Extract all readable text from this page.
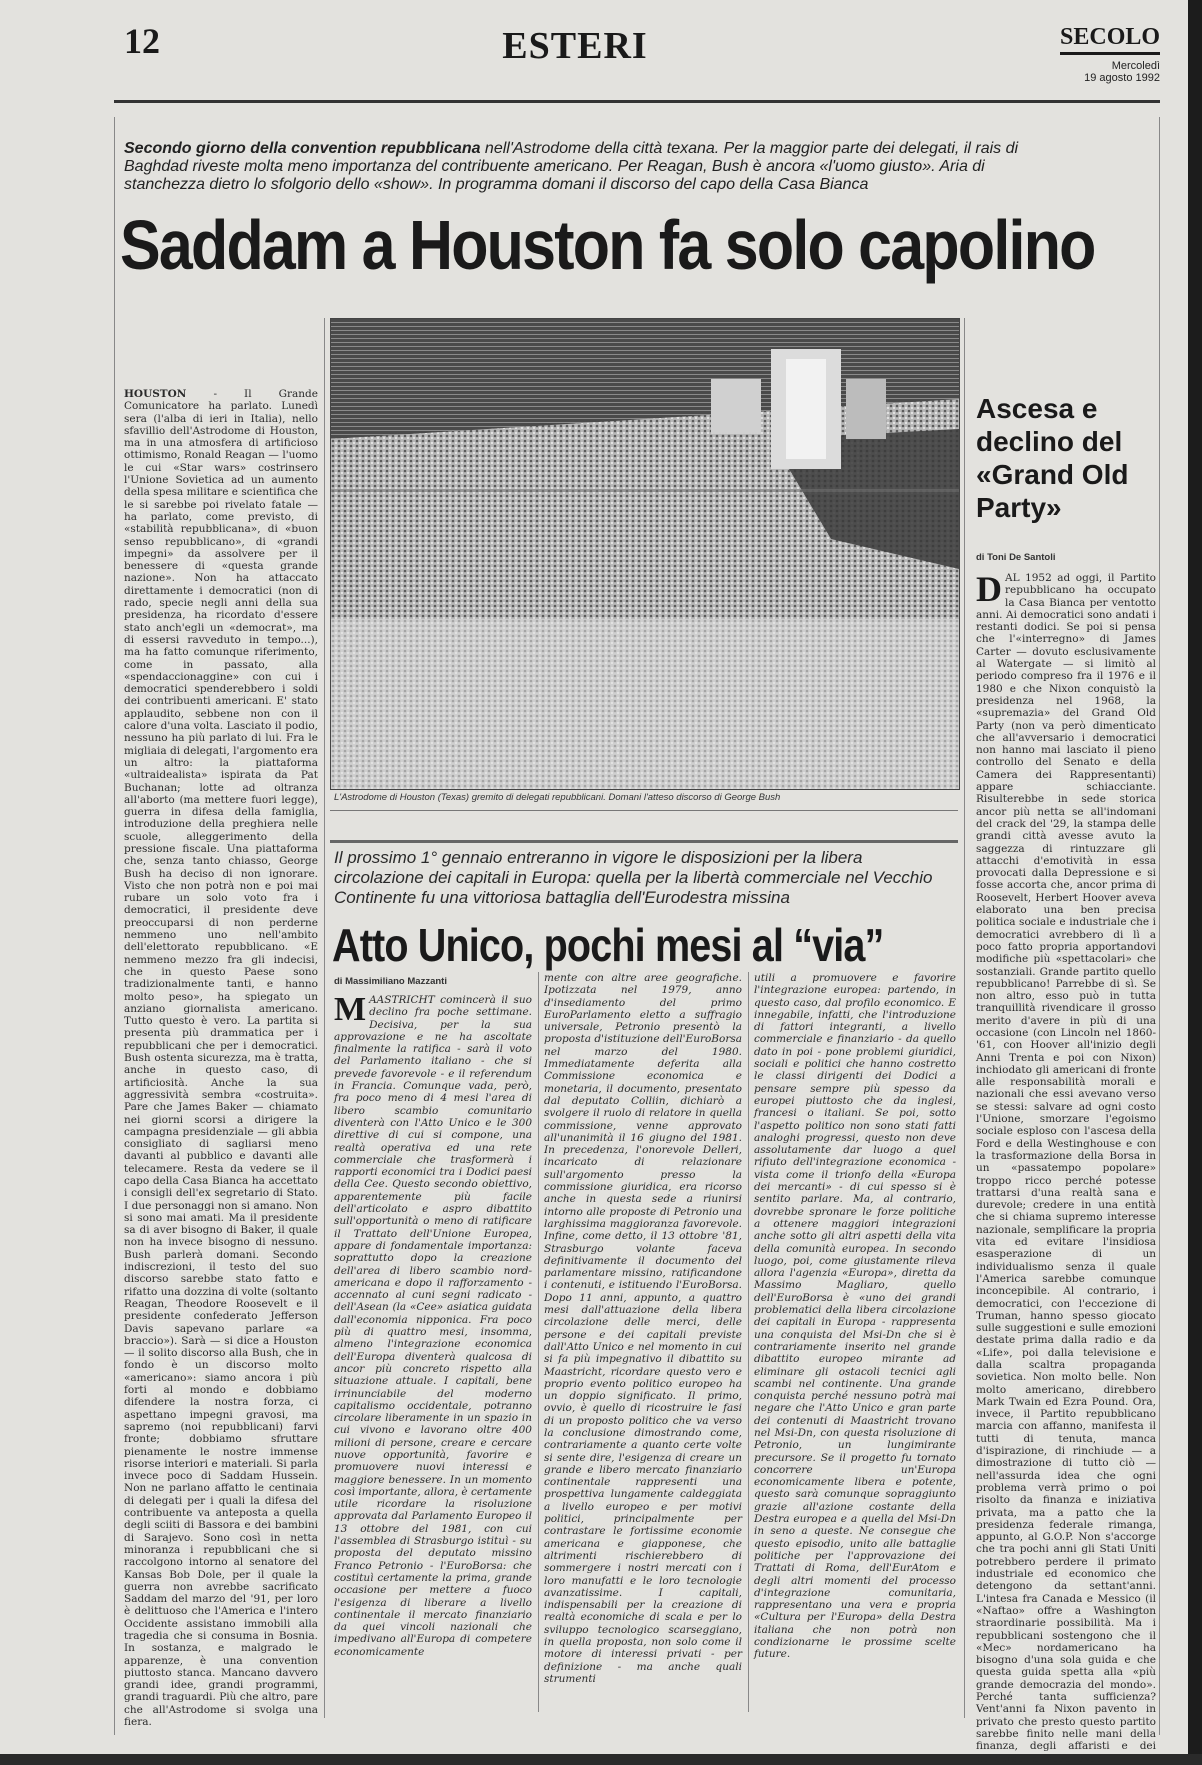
12	ESTERI	SECOLO
Mercoledì
19 agosto 1992
Secondo giorno della convention repubblicana nell'Astrodome della città texana. Per la maggior parte dei delegati, il rais di Baghdad riveste molta meno importanza del contribuente americano. Per Reagan, Bush è ancora «l'uomo giusto». Aria di stanchezza dietro lo sfolgorio dello «show». In programma domani il discorso del capo della Casa Bianca
Saddam a Houston fa solo capolino

HOUSTON - Il Grande Comunicatore ha parlato. Lunedì sera (l'alba di ieri in Italia), nello sfavillio dell'Astrodome di Houston, ma in una atmosfera di artificioso ottimismo, Ronald Reagan — l'uomo le cui «Star wars» costrinsero l'Unione Sovietica ad un aumento della spesa militare e scientifica che le si sarebbe poi rivelato fatale — ha parlato, come previsto, di «stabilità repubblicana», di «buon senso repubblicano», di «grandi impegni» da assolvere per il benessere di «questa grande nazione». Non ha attaccato direttamente i democratici (non di rado, specie negli anni della sua presidenza, ha ricordato d'essere stato anch'egli un «democrat», ma di essersi ravveduto in tempo...), ma ha fatto comunque riferimento, come in passato, alla «spendaccionaggine» con cui i democratici spenderebbero i soldi dei contribuenti americani. E' stato applaudito, sebbene non con il calore d'una volta. Lasciato il podio, nessuno ha più parlato di lui. Fra le migliaia di delegati, l'argomento era un altro: la piattaforma «ultraidealista» ispirata da Pat Buchanan; lotte ad oltranza all'aborto (ma mettere fuori legge), guerra in difesa della famiglia, introduzione della preghiera nelle scuole, alleggerimento della pressione fiscale. Una piattaforma che, senza tanto chiasso, George Bush ha deciso di non ignorare. Visto che non potrà non e poi mai rubare un solo voto fra i democratici, il presidente deve preoccuparsi di non perderne nemmeno uno nell'ambito dell'elettorato repubblicano. «E nemmeno mezzo fra gli indecisi, che in questo Paese sono tradizionalmente tanti, e hanno molto peso», ha spiegato un anziano giornalista americano. Tutto questo è vero. La partita si presenta più drammatica per i repubblicani che per i democratici. Bush ostenta sicurezza, ma è tratta, anche in questo caso, di artificiosità. Anche la sua aggressività sembra «costruita». Pare che James Baker — chiamato nei giorni scorsi a dirigere la campagna presidenziale — gli abbia consigliato di sagliarsi meno davanti al pubblico e davanti alle telecamere. Resta da vedere se il capo della Casa Bianca ha accettato i consigli dell'ex segretario di Stato. I due personaggi non si amano. Non si sono mai amati. Ma il presidente sa di aver bisogno di Baker, il quale non ha invece bisogno di nessuno. Bush parlerà domani. Secondo indiscrezioni, il testo del suo discorso sarebbe stato fatto e rifatto una dozzina di volte (soltanto Reagan, Theodore Roosevelt e il presidente confederato Jefferson Davis sapevano parlare «a braccio»). Sarà — si dice a Houston — il solito discorso alla Bush, che in fondo è un discorso molto «americano»: siamo ancora i più forti al mondo e dobbiamo difendere la nostra forza, ci aspettano impegni gravosi, ma sapremo (noi repubblicani) farvi fronte; dobbiamo sfruttare pienamente le nostre immense risorse interiori e materiali. Si parla invece poco di Saddam Hussein. Non ne parlano affatto le centinaia di delegati per i quali la difesa del contribuente va anteposta a quella degli sciiti di Bassora e dei bambini di Sarajevo. Sono così in netta minoranza i repubblicani che si raccolgono intorno al senatore del Kansas Bob Dole, per il quale la guerra non avrebbe sacrificato Saddam del marzo del '91, per loro è delittuoso che l'America e l'intero Occidente assistano immobili alla tragedia che si consuma in Bosnia. In sostanza, e malgrado le apparenze, è una convention piuttosto stanca. Mancano davvero grandi idee, grandi programmi, grandi traguardi. Più che altro, pare che all'Astrodome si svolga una fiera.

L'Astrodome di Houston (Texas) gremito di delegati repubblicani. Domani l'atteso discorso di George Bush
Ascesa e declino del «Grand Old Party»
di Toni De Santoli

DAL 1952 ad oggi, il Partito repubblicano ha occupato la Casa Bianca per ventotto anni. Ai democratici sono andati i restanti dodici. Se poi si pensa che l'«interregno» di James Carter — dovuto esclusivamente al Watergate — si limitò al periodo compreso fra il 1976 e il 1980 e che Nixon conquistò la presidenza nel 1968, la «supremazia» del Grand Old Party (non va però dimenticato che all'avversario i democratici non hanno mai lasciato il pieno controllo del Senato e della Camera dei Rappresentanti) appare schiacciante. Risulterebbe in sede storica ancor più netta se all'indomani del crack del '29, la stampa delle grandi città avesse avuto la saggezza di rintuzzare gli attacchi d'emotività in essa provocati dalla Depressione e si fosse accorta che, ancor prima di Roosevelt, Herbert Hoover aveva elaborato una ben precisa politica sociale e industriale che i democratici avrebbero di lì a poco fatto propria apportandovi modifiche più «spettacolari» che sostanziali. Grande partito quello repubblicano! Parrebbe di sì. Se non altro, esso può in tutta tranquillità rivendicare il grosso merito d'avere in più di una occasione (con Lincoln nel 1860-'61, con Hoover all'inizio degli Anni Trenta e poi con Nixon) inchiodato gli americani di fronte alle responsabilità morali e nazionali che essi avevano verso se stessi: salvare ad ogni costo l'Unione, smorzare l'egoismo sociale esploso con l'ascesa della Ford e della Westinghouse e con la trasformazione della Borsa in un «passatempo popolare» troppo ricco perché potesse trattarsi d'una realtà sana e durevole; credere in una entità che si chiama supremo interesse nazionale, semplificare la propria vita ed evitare l'insidiosa esasperazione di un individualismo senza il quale l'America sarebbe comunque inconcepibile. Al contrario, i democratici, con l'eccezione di Truman, hanno spesso giocato sulle suggestioni e sulle emozioni destate prima dalla radio e da «Life», poi dalla televisione e dalla scaltra propaganda sovietica. Non molto belle. Non molto americano, direbbero Mark Twain ed Ezra Pound. Ora, invece, il Partito repubblicano marcia con affanno, manifesta il tutti di tenuta, manca d'ispirazione, di rinchiude — a dimostrazione di tutto ciò — nell'assurda idea che ogni problema verrà primo o poi risolto da finanza e iniziativa privata, ma a patto che la presidenza federale rimanga, appunto, al G.O.P. Non s'accorge che tra pochi anni gli Stati Uniti potrebbero perdere il primato industriale ed economico che detengono da settant'anni. L'intesa fra Canada e Messico (il «Naftao» offre a Washington straordinarie possibilità. Ma i repubblicani sostengono che il «Mec» nordamericano ha bisogno d'una sola guida e che questa guida spetta alla «più grande democrazia del mondo». Perché tanta sufficienza? Vent'anni fa Nixon pavento in privato che presto questo partito sarebbe finito nelle mani della finanza, degli affaristi e dei burocrati. Si sbagliava?

Il prossimo 1° gennaio entreranno in vigore le disposizioni per la libera circolazione dei capitali in Europa: quella per la libertà commerciale nel Vecchio Continente fu una vittoriosa battaglia dell'Eurodestra missina
Atto Unico, pochi mesi al “via”
di Massimiliano Mazzanti

MAASTRICHT comincerà il suo declino fra poche settimane. Decisiva, per la sua approvazione e ne ha ascoltate finalmente la ratifica - sarà il voto del Parlamento italiano - che si prevede favorevole - e il referendum in Francia. Comunque vada, però, fra poco meno di 4 mesi l'area di libero scambio comunitario diventerà con l'Atto Unico e le 300 direttive di cui si compone, una realtà operativa ed una rete commerciale che trasformerà i rapporti economici tra i Dodici paesi della Cee. Questo secondo obiettivo, apparentemente più facile dell'articolato e aspro dibattito sull'opportunità o meno di ratificare il Trattato dell'Unione Europea, appare di fondamentale importanza: soprattutto dopo la creazione dell'area di libero scambio nord-americana e dopo il rafforzamento - accennato al cuni segni radicato - dell'Asean (la «Cee» asiatica guidata dall'economia nipponica. Fra poco più di quattro mesi, insomma, almeno l'integrazione economica dell'Europa diventerà qualcosa di ancor più concreto rispetto alla situazione attuale. I capitali, bene irrinunciabile del moderno capitalismo occidentale, potranno circolare liberamente in un spazio in cui vivono e lavorano oltre 400 milioni di persone, creare e cercare nuove opportunità, favorire e promuovere nuovi interessi e maggiore benessere. In un momento così importante, allora, è certamente utile ricordare la risoluzione approvata dal Parlamento Europeo il 13 ottobre del 1981, con cui l'assemblea di Strasburgo istituì - su proposta del deputato missino Franco Petronio - l'EuroBorsa: che costituì certamente la prima, grande occasione per mettere a fuoco l'esigenza di liberare a livello continentale il mercato finanziario da quei vincoli nazionali che impedivano all'Europa di competere economicamente

mente con altre aree geografiche. Ipotizzata nel 1979, anno d'insediamento del primo EuroParlamento eletto a suffragio universale, Petronio presentò la proposta d'istituzione dell'EuroBorsa nel marzo del 1980. Immediatamente deferita alla Commissione economica e monetaria, il documento, presentato dal deputato Colliin, dichiarò a svolgere il ruolo di relatore in quella commissione, venne approvato all'unanimità il 16 giugno del 1981. In precedenza, l'onorevole Delleri, incaricato di relazionare sull'argomento presso la commissione giuridica, era ricorso anche in questa sede a riunirsi intorno alle proposte di Petronio una larghissima maggioranza favorevole. Infine, come detto, il 13 ottobre '81, Strasburgo volante faceva definitivamente il documento del parlamentare missino, ratificandone i contenuti, e istituendo l'EuroBorsa. Dopo 11 anni, appunto, a quattro mesi dall'attuazione della libera circolazione delle merci, delle persone e dei capitali previste dall'Atto Unico e nel momento in cui si fa più impegnativo il dibattito su Maastricht, ricordare questo vero e proprio evento politico europeo ha un doppio significato. Il primo, ovvio, è quello di ricostruire le fasi di un proposto politico che va verso la conclusione dimostrando come, contrariamente a quanto certe volte si sente dire, l'esigenza di creare un grande e libero mercato finanziario continentale rappresenti una prospettiva lungamente caldeggiata a livello europeo e per motivi politici, principalmente per contrastare le fortissime economie americana e giapponese, che altrimenti rischierebbero di sommergere i nostri mercati con i loro manufatti e le loro tecnologie avanzatissime. I capitali, indispensabili per la creazione di realtà economiche di scala e per lo sviluppo tecnologico scarseggiano, in quella proposta, non solo come il motore di interessi privati - per definizione - ma anche quali strumenti

utili a promuovere e favorire l'integrazione europea: partendo, in questo caso, dal profilo economico. E innegabile, infatti, che l'introduzione di fattori integranti, a livello commerciale e finanziario - da quello dato in poi - pone problemi giuridici, sociali e politici che hanno costretto le classi dirigenti dei Dodici a pensare sempre più spesso da europei piuttosto che da inglesi, francesi o italiani. Se poi, sotto l'aspetto politico non sono stati fatti analoghi progressi, questo non deve assolutamente dar luogo a quel rifiuto dell'integrazione economica - vista come il trionfo della «Europa dei mercanti» - di cui spesso si è sentito parlare. Ma, al contrario, dovrebbe spronare le forze politiche a ottenere maggiori integrazioni anche sotto gli altri aspetti della vita della comunità europea. In secondo luogo, poi, come giustamente rileva allora l'agenzia «Europa», diretta da Massimo Magliaro, quello dell'EuroBorsa è «uno dei grandi problematici della libera circolazione dei capitali in Europa - rappresenta una conquista del Msi-Dn che si è contrariamente inserito nel grande dibattito europeo mirante ad eliminare gli ostacoli tecnici agli scambi nel continente. Una grande conquista perché nessuno potrà mai negare che l'Atto Unico e gran parte dei contenuti di Maastricht trovano nel Msi-Dn, con questa risoluzione di Petronio, un lungimirante precursore. Se il progetto fu tornato concorrere un'Europa economicamente libera e potente, questo sarà comunque sopraggiunto grazie all'azione costante della Destra europea e a quella del Msi-Dn in seno a queste. Ne consegue che questo episodio, unito alle battaglie politiche per l'approvazione dei Trattati di Roma, dell'EurAtom e degli altri momenti del processo d'integrazione comunitaria, rappresentano una vera e propria «Cultura per l'Europa» della Destra italiana che non potrà non condizionarne le prossime scelte future.
